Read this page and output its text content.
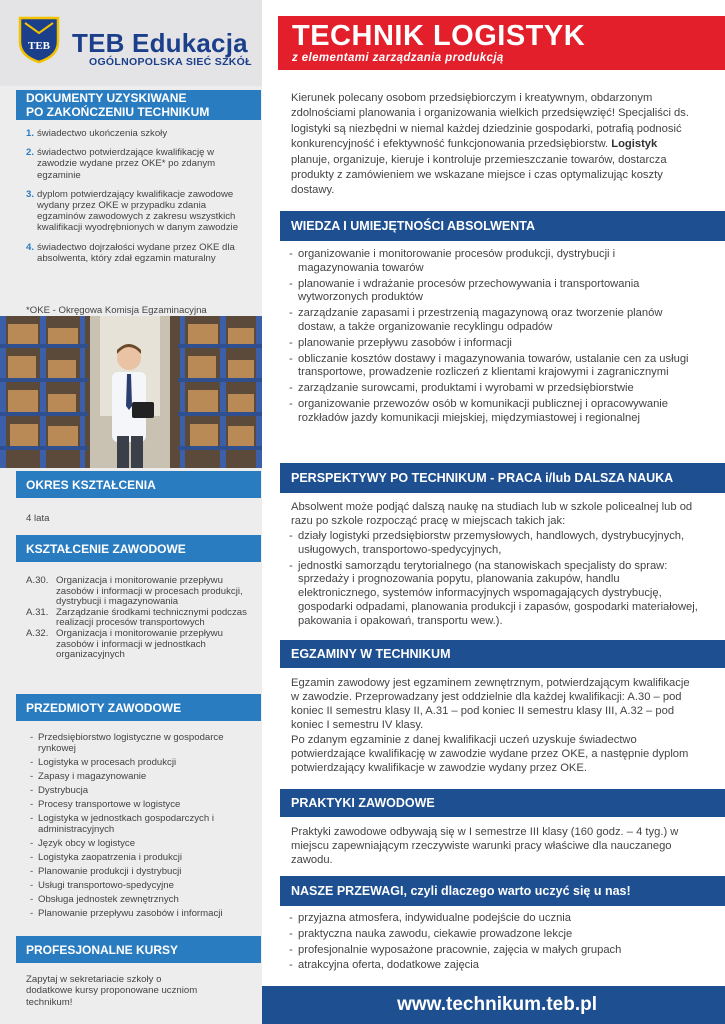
TEB TEB Edukacja
OGÓLNOPOLSKA SIEĆ SZKÓŁ
TECHNIK LOGISTYK
z elementami zarządzania produkcją
DOKUMENTY UZYSKIWANE
PO ZAKOŃCZENIU TECHNIKUM
1. świadectwo ukończenia szkoły
2. świadectwo potwierdzające kwalifikację w zawodzie wydane przez OKE* po zdanym egzaminie
3. dyplom potwierdzający kwalifikacje zawodowe wydany przez OKE w przypadku zdania egzaminów zawodowych z zakresu wszystkich kwalifikacji wyodrębnionych w danym zawodzie
4. świadectwo dojrzałości wydane przez OKE dla absolwenta, który zdał egzamin maturalny
*OKE - Okręgowa Komisja Egzaminacyjna
OKRES KSZTAŁCENIA
4 lata
KSZTAŁCENIE ZAWODOWE
A.30. Organizacja i monitorowanie przepływu zasobów i informacji w procesach produkcji, dystrybucji i magazynowania
A.31. Zarządzanie środkami technicznymi podczas realizacji procesów transportowych
A.32. Organizacja i monitorowanie przepływu zasobów i informacji w jednostkach organizacyjnych
PRZEDMIOTY ZAWODOWE
- Przedsiębiorstwo logistyczne w gospodarce rynkowej
- Logistyka w procesach produkcji
- Zapasy i magazynowanie
- Dystrybucja
- Procesy transportowe w logistyce
- Logistyka w jednostkach gospodarczych i administracyjnych
- Język obcy w logistyce
- Logistyka zaopatrzenia i produkcji
- Planowanie produkcji i dystrybucji
- Usługi transportowo-spedycyjne
- Obsługa jednostek zewnętrznych
- Planowanie przepływu zasobów i informacji
PROFESJONALNE KURSY
Zapytaj w sekretariacie szkoły o dodatkowe kursy proponowane uczniom technikum!

Kierunek polecany osobom przedsiębiorczym i kreatywnym, obdarzonym zdolnościami planowania i organizowania wielkich przedsięwzięć! Specjaliści ds. logistyki są niezbędni w niemal każdej dziedzinie gospodarki, potrafią podnosić konkurencyjność i efektywność funkcjonowania przedsiębiorstw. Logistyk planuje, organizuje, kieruje i kontroluje przemieszczanie towarów, dostarcza produkty z zamówieniem we wskazane miejsce i czas optymalizując koszty dostawy.

WIEDZA I UMIEJĘTNOŚCI ABSOLWENTA
- organizowanie i monitorowanie procesów produkcji, dystrybucji i magazynowania towarów
- planowanie i wdrażanie procesów przechowywania i transportowania wytworzonych produktów
- zarządzanie zapasami i przestrzenią magazynową oraz tworzenie planów dostaw, a także organizowanie recyklingu odpadów
- planowanie przepływu zasobów i informacji
- obliczanie kosztów dostawy i magazynowania towarów, ustalanie cen za usługi transportowe, prowadzenie rozliczeń z klientami krajowymi i zagranicznymi
- zarządzanie surowcami, produktami i wyrobami w przedsiębiorstwie
- organizowanie przewozów osób w komunikacji publicznej i opracowywanie rozkładów jazdy komunikacji miejskiej, międzymiastowej i regionalnej
PERSPEKTYWY PO TECHNIKUM - PRACA i/lub DALSZA NAUKA

Absolwent może podjąć dalszą naukę na studiach lub w szkole policealnej lub od razu po szkole rozpocząć pracę w miejscach takich jak:

- działy logistyki przedsiębiorstw przemysłowych, handlowych, dystrybucyjnych, usługowych, transportowo-spedycyjnych,
- jednostki samorządu terytorialnego (na stanowiskach specjalisty do spraw: sprzedaży i prognozowania popytu, planowania zakupów, handlu elektronicznego, systemów informacyjnych wspomagających dystrybucję, gospodarki odpadami, planowania produkcji i zapasów, gospodarki materiałowej, pakowania i opakowań, transportu wew.).
EGZAMINY W TECHNIKUM

Egzamin zawodowy jest egzaminem zewnętrznym, potwierdzającym kwalifikacje w zawodzie. Przeprowadzany jest oddzielnie dla każdej kwalifikacji: A.30 – pod koniec II semestru klasy II, A.31 – pod koniec II semestru klasy III, A.32 – pod koniec I semestru IV klasy.

Po zdanym egzaminie z danej kwalifikacji uczeń uzyskuje świadectwo potwierdzające kwalifikację w zawodzie wydane przez OKE, a następnie dyplom potwierdzający kwalifikacje w zawodzie wydany przez OKE.

PRAKTYKI ZAWODOWE

Praktyki zawodowe odbywają się w I semestrze III klasy (160 godz. – 4 tyg.) w miejscu zapewniającym rzeczywiste warunki pracy właściwe dla nauczanego zawodu.

NASZE PRZEWAGI, czyli dlaczego warto uczyć się u nas!
- przyjazna atmosfera, indywidualne podejście do ucznia
- praktyczna nauka zawodu, ciekawie prowadzone lekcje
- profesjonalnie wyposażone pracownie, zajęcia w małych grupach
- atrakcyjna oferta, dodatkowe zajęcia
www.technikum.teb.pl
